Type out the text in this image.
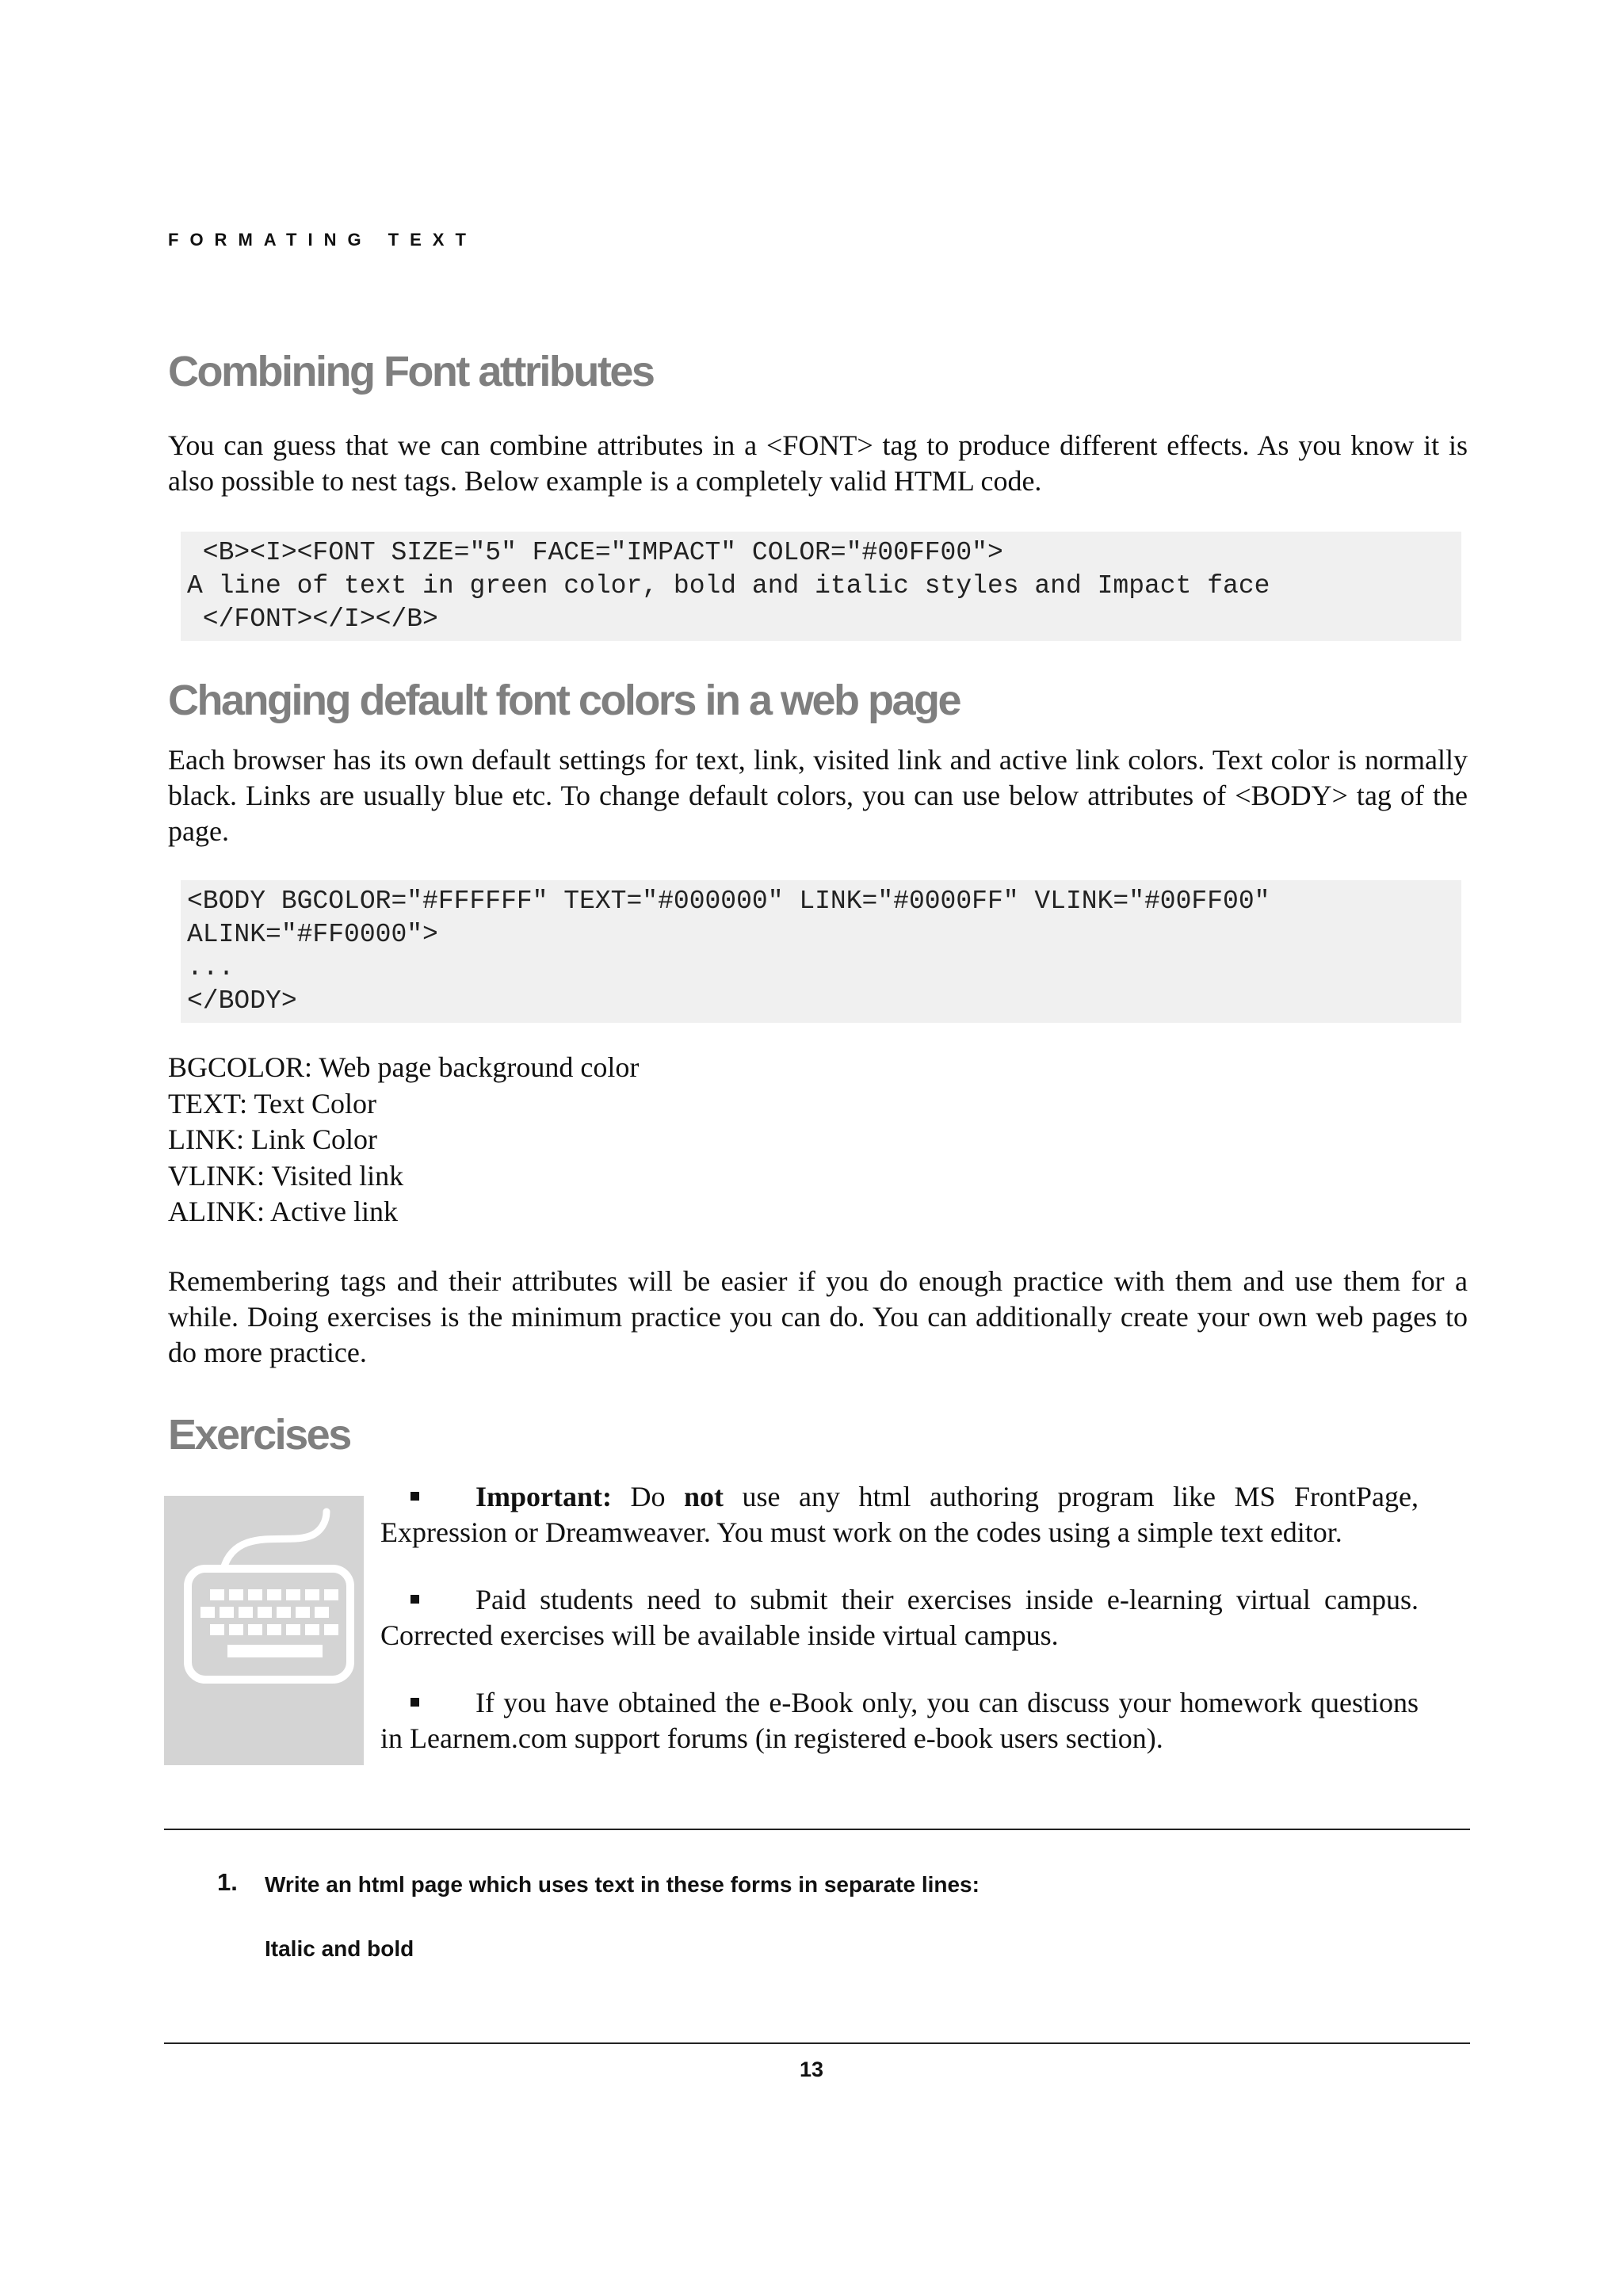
FORMATING TEXT
Combining Font attributes

You can guess that we can combine attributes in a <FONT> tag to produce different effects. As you know it is also possible to nest tags. Below example is a completely valid HTML code.

<B><I><FONT SIZE="5" FACE="IMPACT" COLOR="#00FF00">
A line of text in green color, bold and italic styles and Impact face
</FONT></I></B>
Changing default font colors in a web page

Each browser has its own default settings for text, link, visited link and active link colors. Text color is normally black. Links are usually blue etc. To change default colors, you can use below attributes of <BODY> tag of the page.

<BODY BGCOLOR="#FFFFFF" TEXT="#000000" LINK="#0000FF" VLINK="#00FF00"
ALINK="#FF0000">
...
</BODY>
BGCOLOR: Web page background color
TEXT: Text Color
LINK: Link Color
VLINK: Visited link
ALINK: Active link

Remembering tags and their attributes will be easier if you do enough practice with them and use them for a while. Doing exercises is the minimum practice you can do. You can additionally create your own web pages to do more practice.

Exercises
Important: Do not use any html authoring program like MS FrontPage, Expression or Dreamweaver. You must work on the codes using a simple text editor.
Paid students need to submit their exercises inside e-learning virtual campus. Corrected exercises will be available inside virtual campus.
If you have obtained the e-Book only, you can discuss your homework questions in Learnem.com support forums (in registered e-book users section).
1. Write an html page which uses text in these forms in separate lines:
Italic and bold
13
